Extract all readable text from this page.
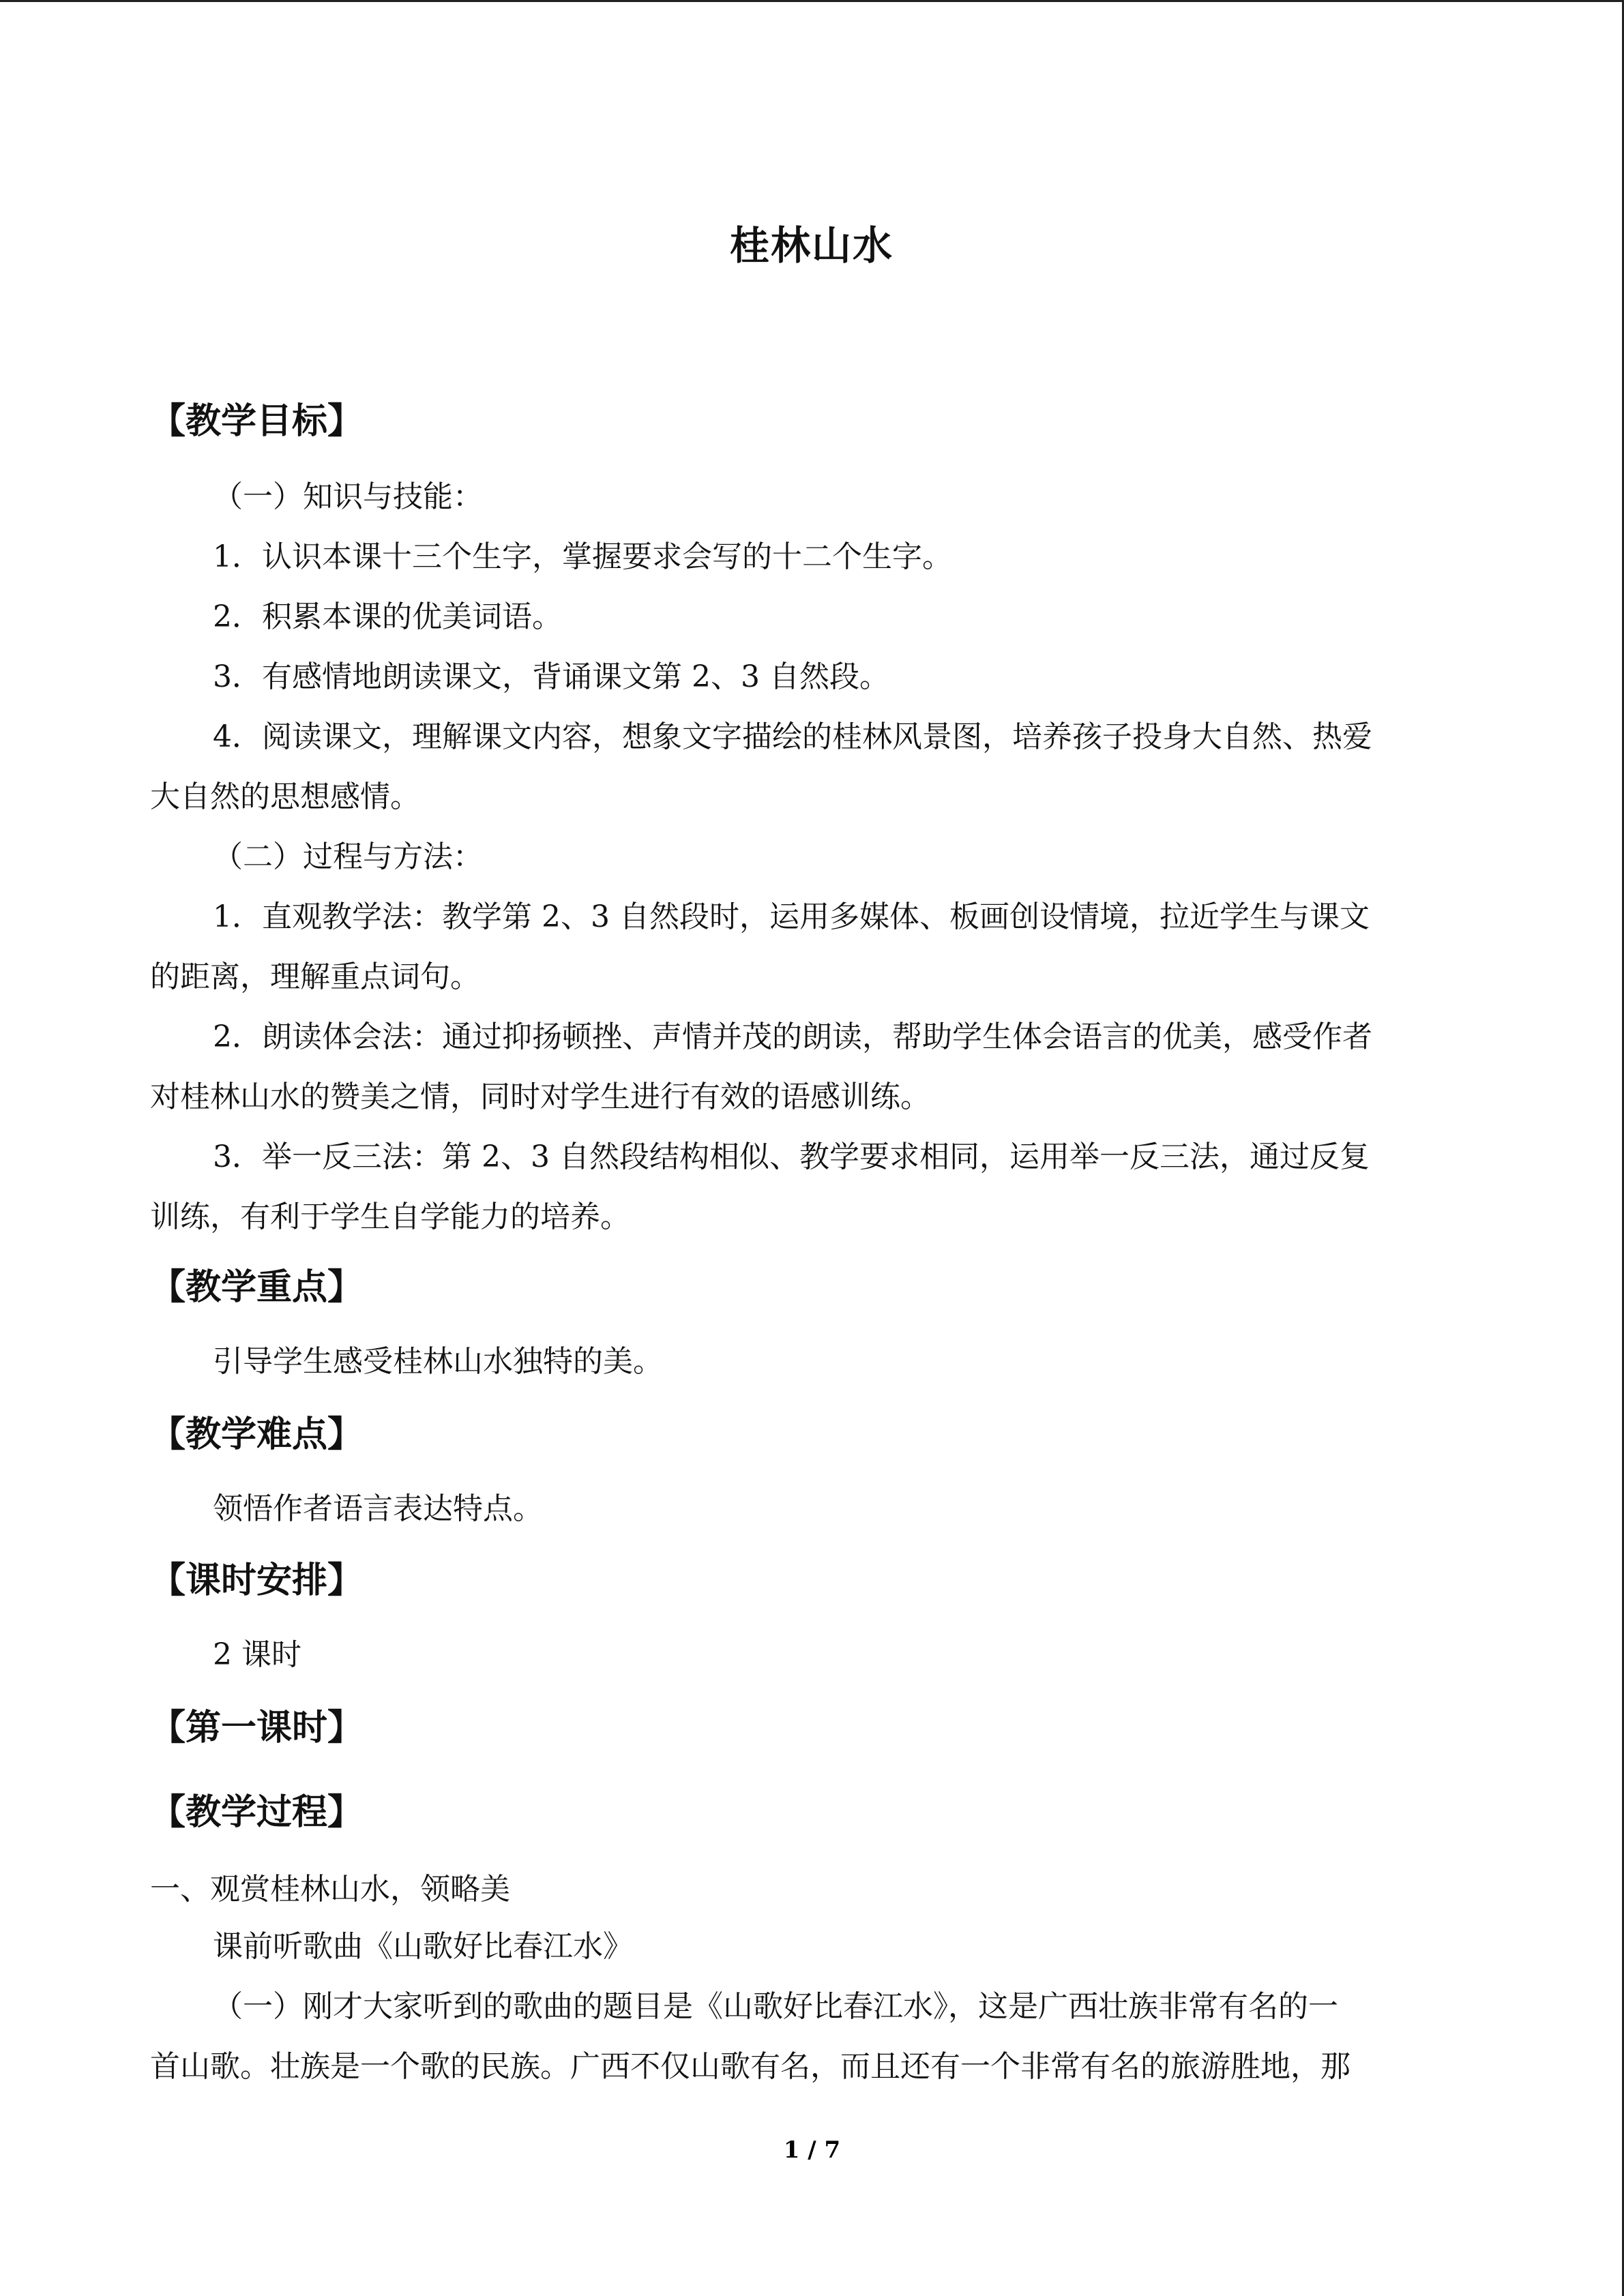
桂林山水
【教学目标】
（一）知识与技能：
1．认识本课十三个生字，掌握要求会写的十二个生字。
2．积累本课的优美词语。
3．有感情地朗读课文，背诵课文第 2、3 自然段。
4．阅读课文，理解课文内容，想象文字描绘的桂林风景图，培养孩子投身大自然、热爱
大自然的思想感情。
（二）过程与方法：
1．直观教学法：教学第 2、3 自然段时，运用多媒体、板画创设情境，拉近学生与课文
的距离，理解重点词句。
2．朗读体会法：通过抑扬顿挫、声情并茂的朗读，帮助学生体会语言的优美，感受作者
对桂林山水的赞美之情，同时对学生进行有效的语感训练。
3．举一反三法：第 2、3 自然段结构相似、教学要求相同，运用举一反三法，通过反复
训练，有利于学生自学能力的培养。
【教学重点】
引导学生感受桂林山水独特的美。
【教学难点】
领悟作者语言表达特点。
【课时安排】
2 课时
【第一课时】
【教学过程】
一、观赏桂林山水，领略美
课前听歌曲《山歌好比春江水》
（一）刚才大家听到的歌曲的题目是《山歌好比春江水》，这是广西壮族非常有名的一
首山歌。壮族是一个歌的民族。广西不仅山歌有名，而且还有一个非常有名的旅游胜地，那
1 / 7
